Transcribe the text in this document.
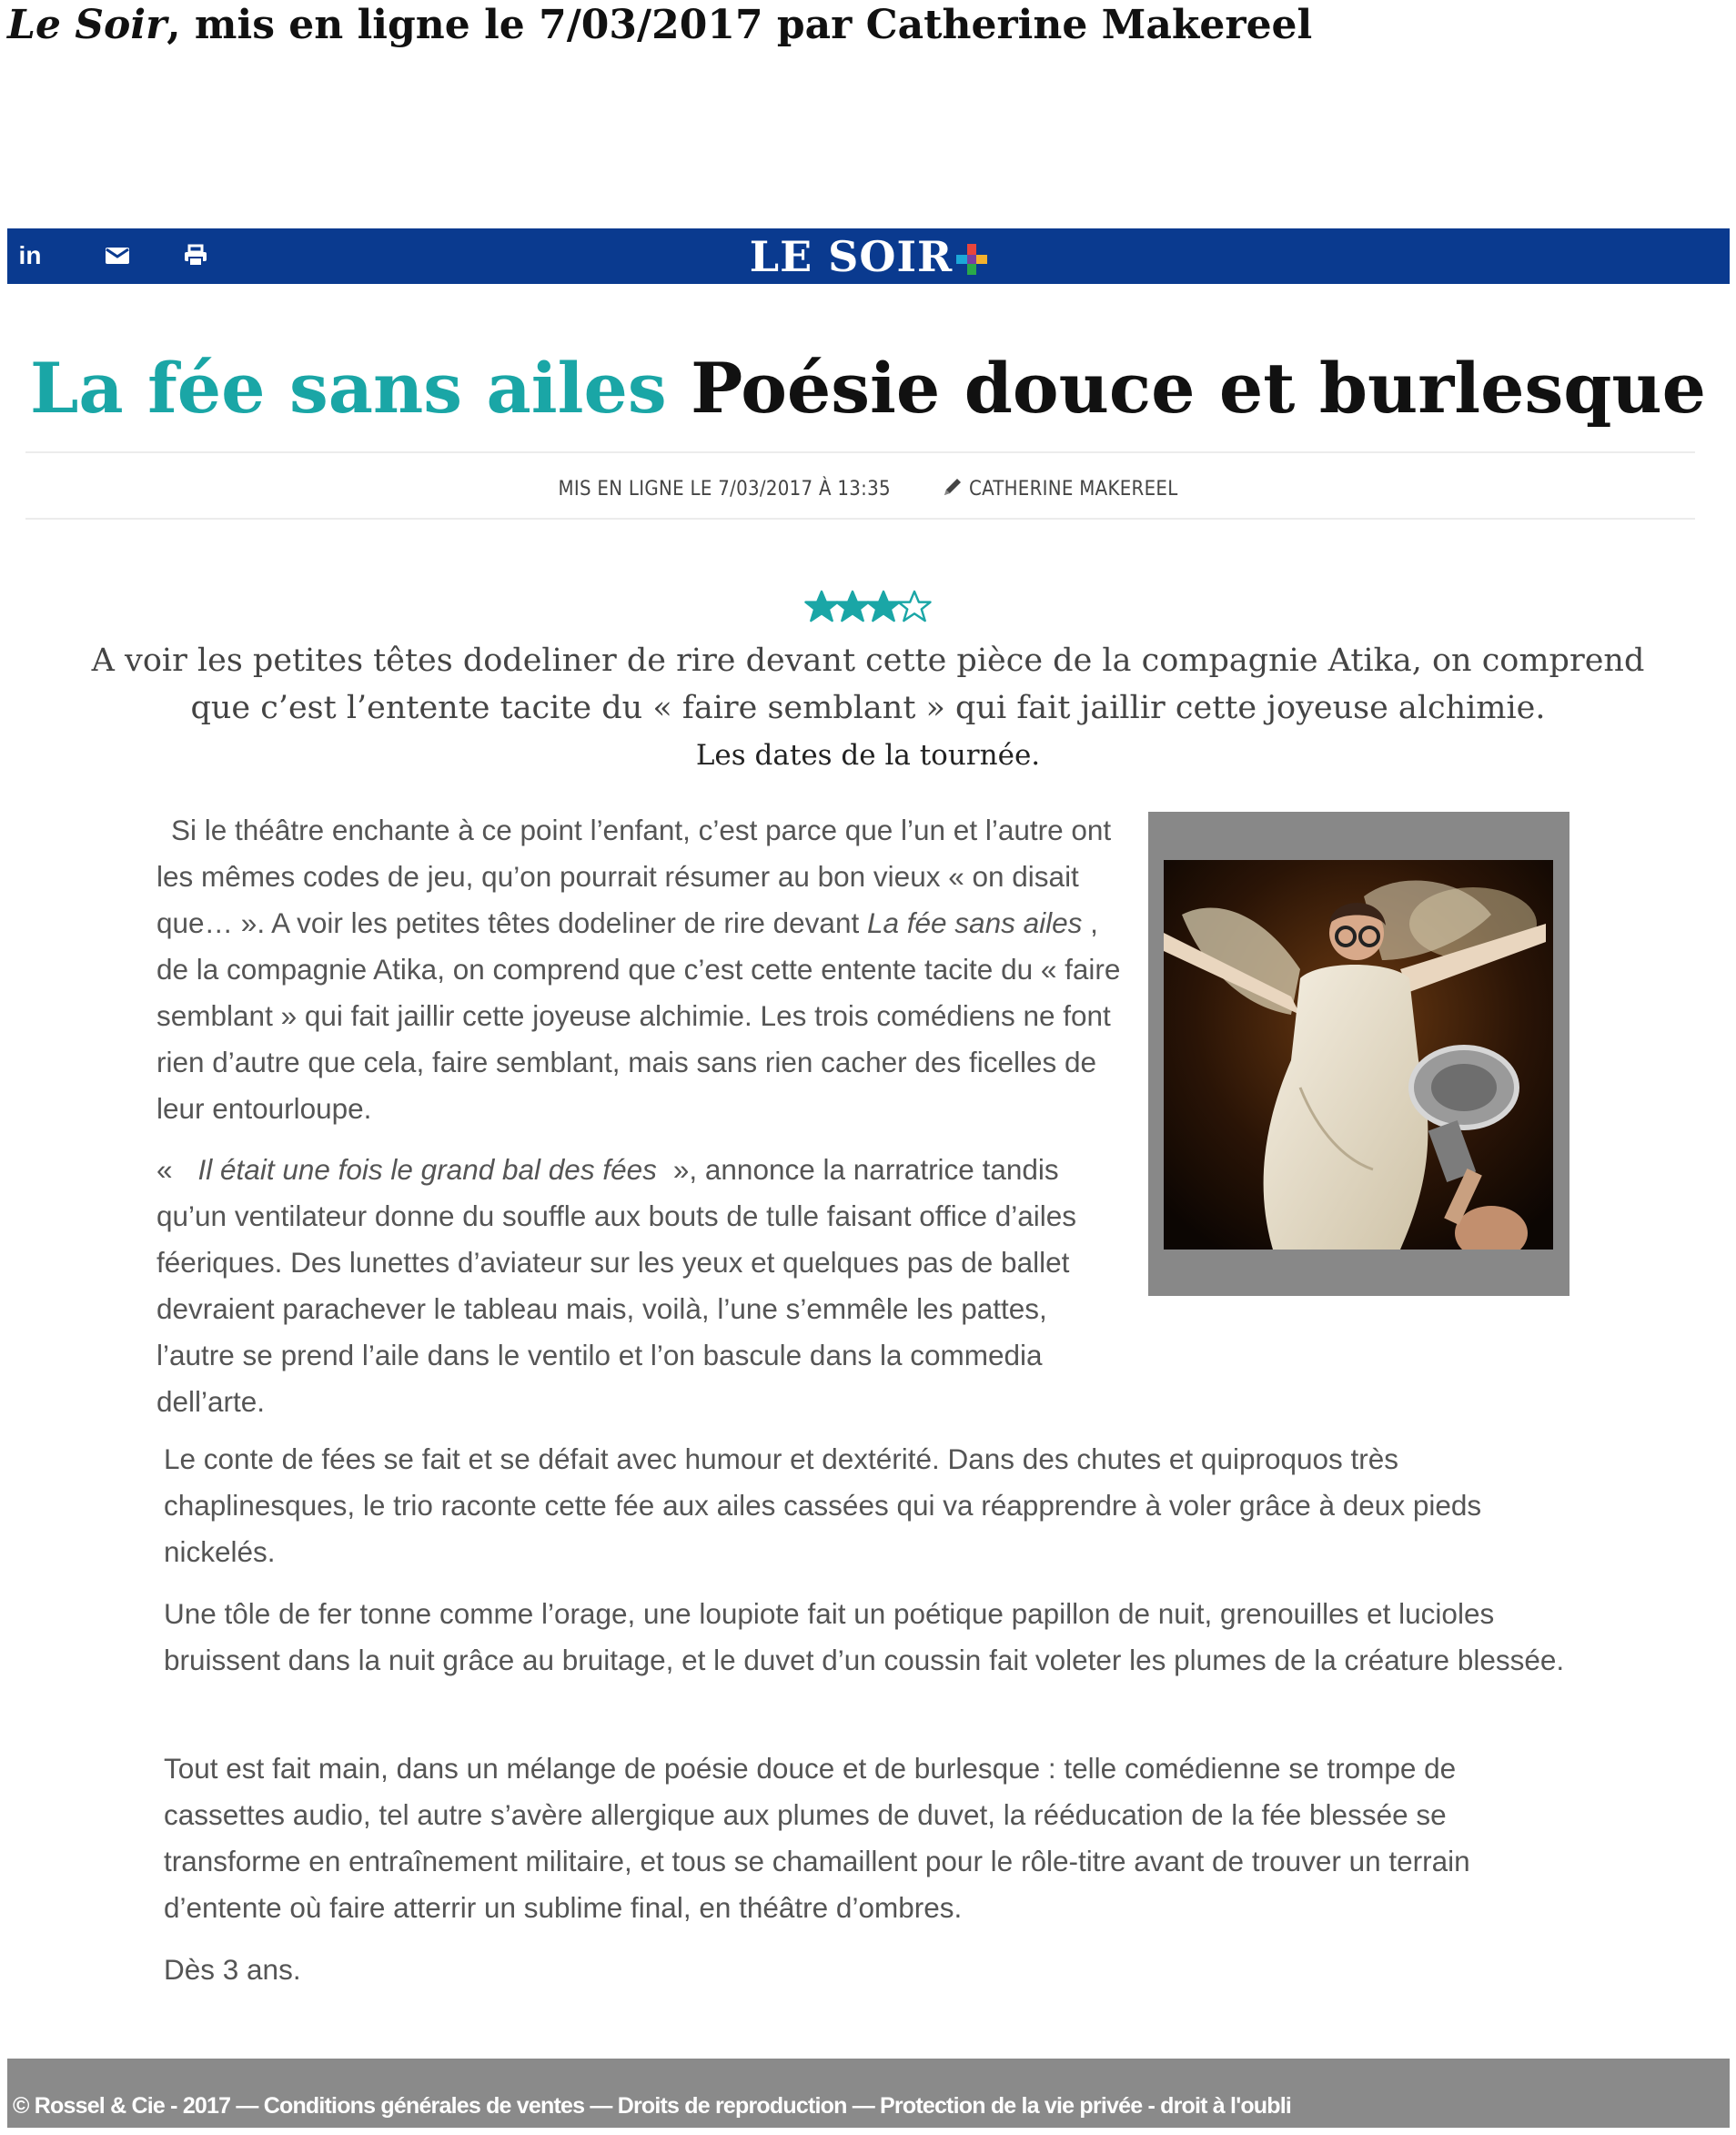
Le Soir, mis en ligne le 7/03/2017 par Catherine Makereel
in	LE SOIR
La fée sans ailes Poésie douce et burlesque
MIS EN LIGNE LE 7/03/2017 À 13:35	CATHERINE MAKEREEL

A voir les petites têtes dodeliner de rire devant cette pièce de la compagnie Atika, on comprend que c’est l’entente tacite du « faire semblant » qui fait jaillir cette joyeuse alchimie.

Les dates de la tournée.

Si le théâtre enchante à ce point l’enfant, c’est parce que l’un et l’autre ont les mêmes codes de jeu, qu’on pourrait résumer au bon vieux « on disait que… ». A voir les petites têtes dodeliner de rire devant La fée sans ailes , de la compagnie Atika, on comprend que c’est cette entente tacite du « faire semblant » qui fait jaillir cette joyeuse alchimie. Les trois comédiens ne font rien d’autre que cela, faire semblant, mais sans rien cacher des ficelles de leur entourloupe.

« Il était une fois le grand bal des fées », annonce la narratrice tandis qu’un ventilateur donne du souffle aux bouts de tulle faisant office d’ailes féeriques. Des lunettes d’aviateur sur les yeux et quelques pas de ballet devraient parachever le tableau mais, voilà, l’une s’emmêle les pattes, l’autre se prend l’aile dans le ventilo et l’on bascule dans la commedia dell’arte.

Le conte de fées se fait et se défait avec humour et dextérité. Dans des chutes et quiproquos très chaplinesques, le trio raconte cette fée aux ailes cassées qui va réapprendre à voler grâce à deux pieds nickelés.

Une tôle de fer tonne comme l’orage, une loupiote fait un poétique papillon de nuit, grenouilles et lucioles bruissent dans la nuit grâce au bruitage, et le duvet d’un coussin fait voleter les plumes de la créature blessée.

Tout est fait main, dans un mélange de poésie douce et de burlesque : telle comédienne se trompe de cassettes audio, tel autre s’avère allergique aux plumes de duvet, la rééducation de la fée blessée se transforme en entraînement militaire, et tous se chamaillent pour le rôle-titre avant de trouver un terrain d’entente où faire atterrir un sublime final, en théâtre d’ombres.

Dès 3 ans.

© Rossel & Cie - 2017 — Conditions générales de ventes — Droits de reproduction — Protection de la vie privée - droit à l'oubli
